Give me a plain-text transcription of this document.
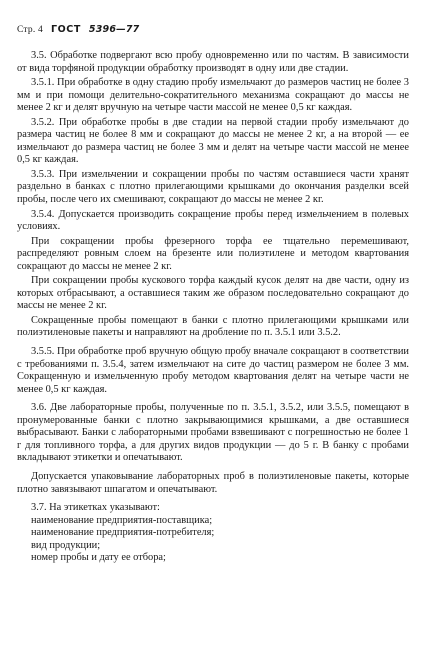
Стр. 4 ГОСТ 5396—77

3.5. Обработке подвергают всю пробу одновременно или по частям. В зависимости от вида торфяной продукции обработку производят в одну или две стадии.

3.5.1. При обработке в одну стадию пробу измельчают до размеров частиц не более 3 мм и при помощи делительно-сократительного механизма сокращают до массы не менее 2 кг и делят вручную на четыре части массой не менее 0,5 кг каждая.

3.5.2. При обработке пробы в две стадии на первой стадии пробу измельчают до размера частиц не более 8 мм и сокращают до массы не менее 2 кг, а на второй — ее измельчают до размера частиц не более 3 мм и делят на четыре части массой не менее 0,5 кг каждая.

3.5.3. При измельчении и сокращении пробы по частям оставшиеся части хранят раздельно в банках с плотно прилегающими крышками до окончания разделки всей пробы, после чего их смешивают, сокращают до массы не менее 2 кг.

3.5.4. Допускается производить сокращение пробы перед измельчением в полевых условиях.

При сокращении пробы фрезерного торфа ее тщательно перемешивают, распределяют ровным слоем на брезенте или полиэтилене и методом квартования сокращают до массы не менее 2 кг.

При сокращении пробы кускового торфа каждый кусок делят на две части, одну из которых отбрасывают, а оставшиеся таким же образом последовательно сокращают до массы не менее 2 кг.

Сокращенные пробы помещают в банки с плотно прилегающими крышками или полиэтиленовые пакеты и направляют на дробление по п. 3.5.1 или 3.5.2.

3.5.5. При обработке проб вручную общую пробу вначале сокращают в соответствии с требованиями п. 3.5.4, затем измельчают на сите до частиц размером не более 3 мм. Сокращенную и измельченную пробу методом квартования делят на четыре части не менее 0,5 кг каждая.

3.6. Две лабораторные пробы, полученные по п. 3.5.1, 3.5.2, или 3.5.5, помещают в пронумерованные банки с плотно закрывающимися крышками, а две оставшиеся выбрасывают. Банки с лабораторными пробами взвешивают с погрешностью не более 1 г для топливного торфа, а для других видов продукции — до 5 г. В банку с пробами вкладывают этикетки и опечатывают.

Допускается упаковывание лабораторных проб в полиэтиленовые пакеты, которые плотно завязывают шпагатом и опечатывают.

3.7. На этикетках указывают:

наименование предприятия-поставщика;

наименование предприятия-потребителя;

вид продукции;

номер пробы и дату ее отбора;
